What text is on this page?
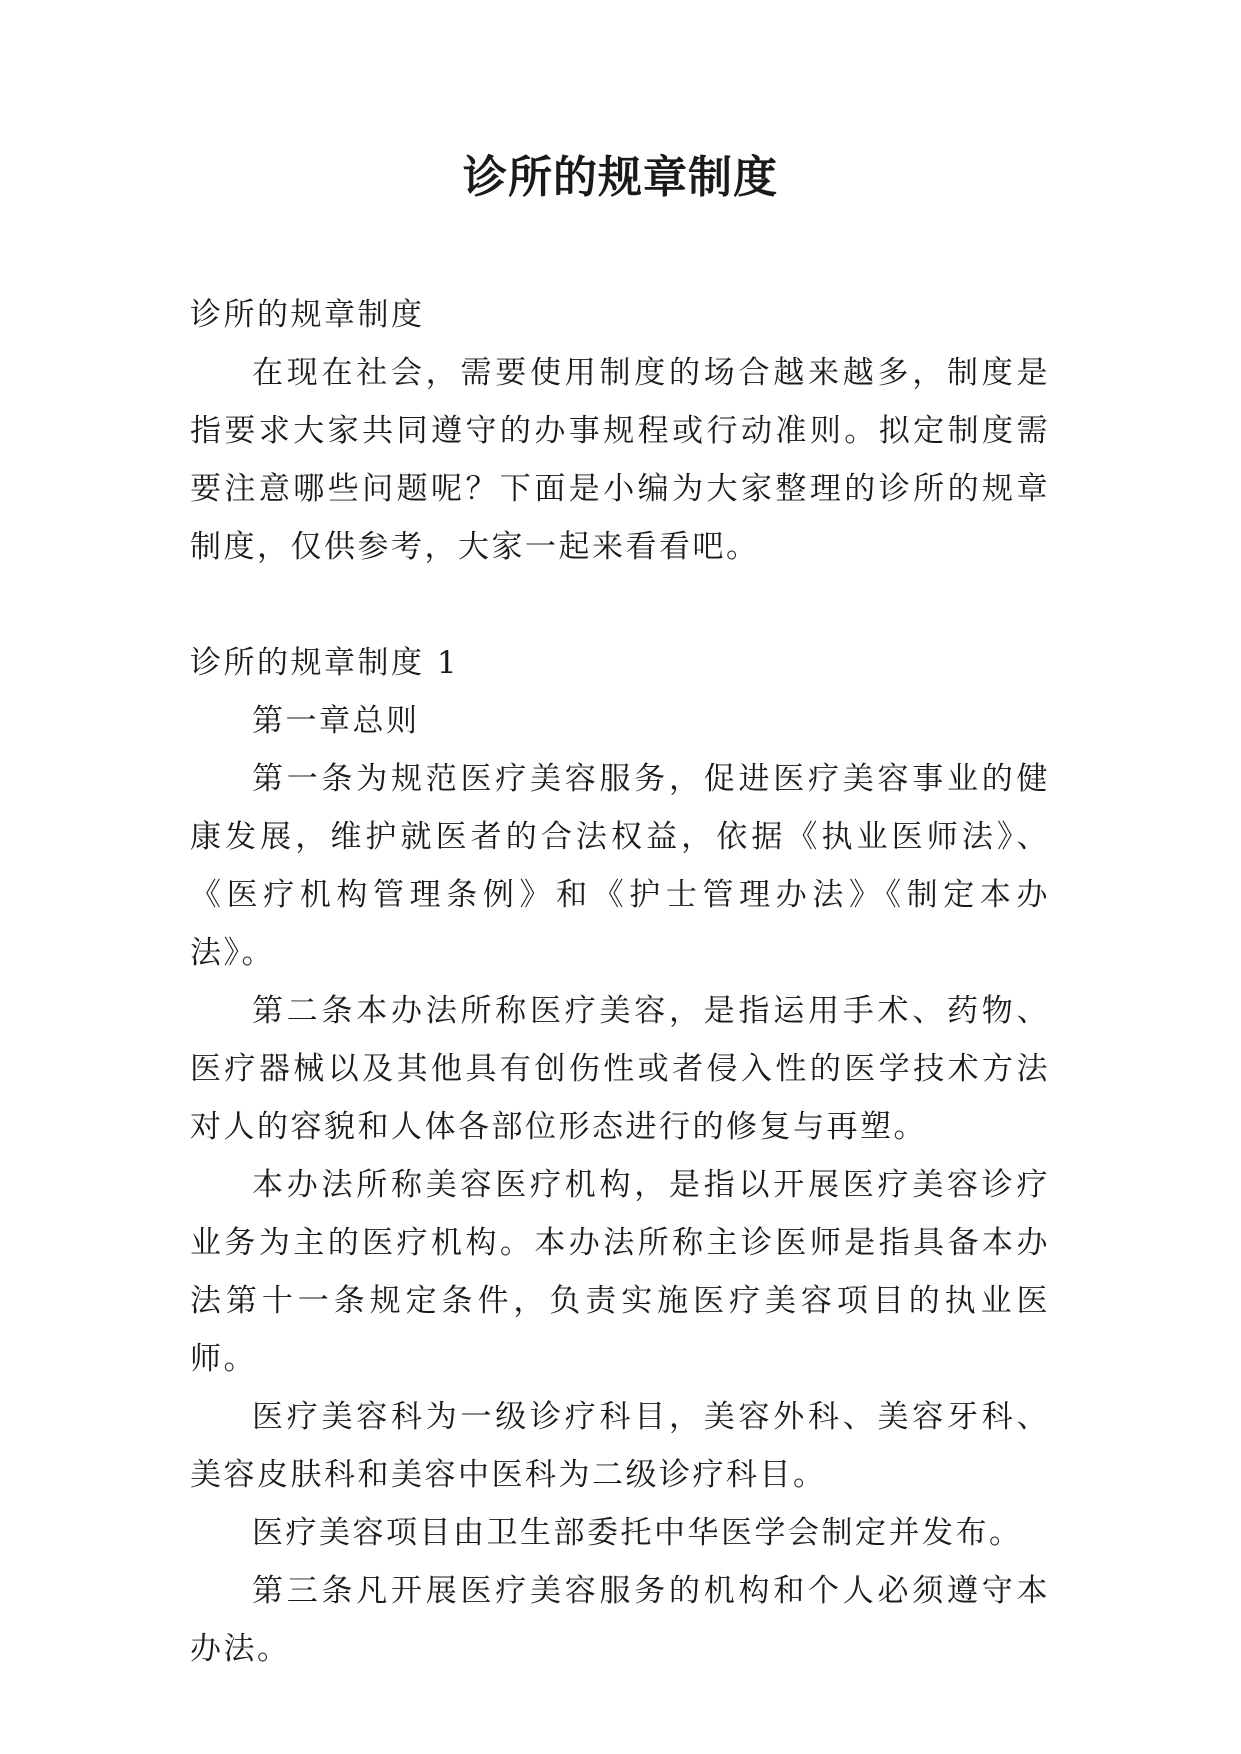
诊所的规章制度

诊所的规章制度

在现在社会，需要使用制度的场合越来越多，制度是指要求大家共同遵守的办事规程或行动准则。拟定制度需要注意哪些问题呢？下面是小编为大家整理的诊所的规章制度，仅供参考，大家一起来看看吧。

诊所的规章制度 1

第一章总则

第一条为规范医疗美容服务，促进医疗美容事业的健康发展，维护就医者的合法权益，依据《执业医师法》、《医疗机构管理条例》和《护士管理办法》《制定本办法》。

第二条本办法所称医疗美容，是指运用手术、药物、医疗器械以及其他具有创伤性或者侵入性的医学技术方法对人的容貌和人体各部位形态进行的修复与再塑。

本办法所称美容医疗机构，是指以开展医疗美容诊疗业务为主的医疗机构。本办法所称主诊医师是指具备本办法第十一条规定条件，负责实施医疗美容项目的执业医师。

医疗美容科为一级诊疗科目，美容外科、美容牙科、美容皮肤科和美容中医科为二级诊疗科目。

医疗美容项目由卫生部委托中华医学会制定并发布。

第三条凡开展医疗美容服务的机构和个人必须遵守本办法。
